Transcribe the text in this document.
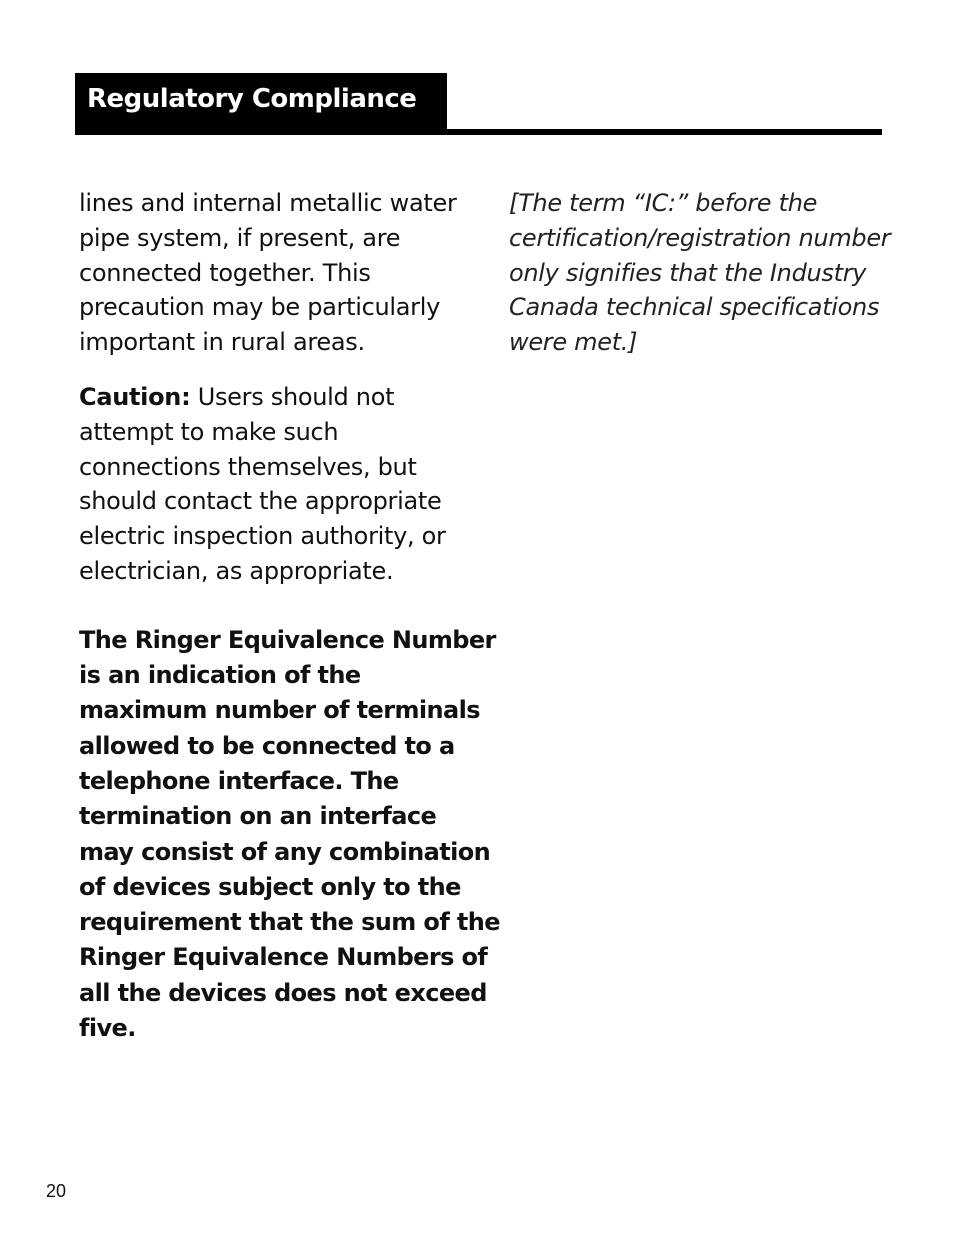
Regulatory Compliance

lines and internal metallic water
pipe system, if present, are
connected together. This
precaution may be particularly
important in rural areas.

Caution: Users should not
attempt to make such
connections themselves, but
should contact the appropriate
electric inspection authority, or
electrician, as appropriate.

The Ringer Equivalence Number
is an indication of the
maximum number of terminals
allowed to be connected to a
telephone interface. The
termination on an interface
may consist of any combination
of devices subject only to the
requirement that the sum of the
Ringer Equivalence Numbers of
all the devices does not exceed
five.

[The term “IC:” before the
certification/registration number
only signifies that the Industry
Canada technical specifications
were met.]

20
